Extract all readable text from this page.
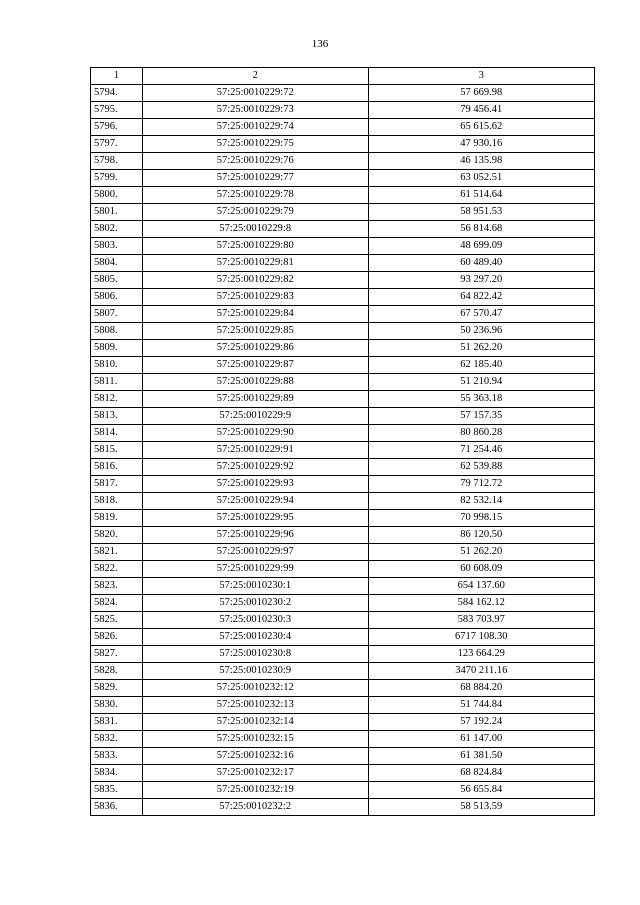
136
1	2	3
5794.	57:25:0010229:72	57 669.98
5795.	57:25:0010229:73	79 456.41
5796.	57:25:0010229:74	65 615.62
5797.	57:25:0010229:75	47 930.16
5798.	57:25:0010229:76	46 135.98
5799.	57:25:0010229:77	63 052.51
5800.	57:25:0010229:78	61 514.64
5801.	57:25:0010229:79	58 951.53
5802.	57:25:0010229:8	56 814.68
5803.	57:25:0010229:80	48 699.09
5804.	57:25:0010229:81	60 489.40
5805.	57:25:0010229:82	93 297.20
5806.	57:25:0010229:83	64 822.42
5807.	57:25:0010229:84	67 570.47
5808.	57:25:0010229:85	50 236.96
5809.	57:25:0010229:86	51 262.20
5810.	57:25:0010229:87	62 185.40
5811.	57:25:0010229:88	51 210.94
5812.	57:25:0010229:89	55 363.18
5813.	57:25:0010229:9	57 157.35
5814.	57:25:0010229:90	80 860.28
5815.	57:25:0010229:91	71 254.46
5816.	57:25:0010229:92	62 539.88
5817.	57:25:0010229:93	79 712.72
5818.	57:25:0010229:94	82 532.14
5819.	57:25:0010229:95	70 998.15
5820.	57:25:0010229:96	86 120.50
5821.	57:25:0010229:97	51 262.20
5822.	57:25:0010229:99	60 608.09
5823.	57:25:0010230:1	654 137.60
5824.	57:25:0010230:2	584 162.12
5825.	57:25:0010230:3	583 703.97
5826.	57:25:0010230:4	6717 108.30
5827.	57:25:0010230:8	123 664.29
5828.	57:25:0010230:9	3470 211.16
5829.	57:25:0010232:12	68 884.20
5830.	57:25:0010232:13	51 744.84
5831.	57:25:0010232:14	57 192.24
5832.	57:25:0010232:15	61 147.00
5833.	57:25:0010232:16	61 381.50
5834.	57:25:0010232:17	68 824.84
5835.	57:25:0010232:19	56 655.84
5836.	57:25:0010232:2	58 513.59
